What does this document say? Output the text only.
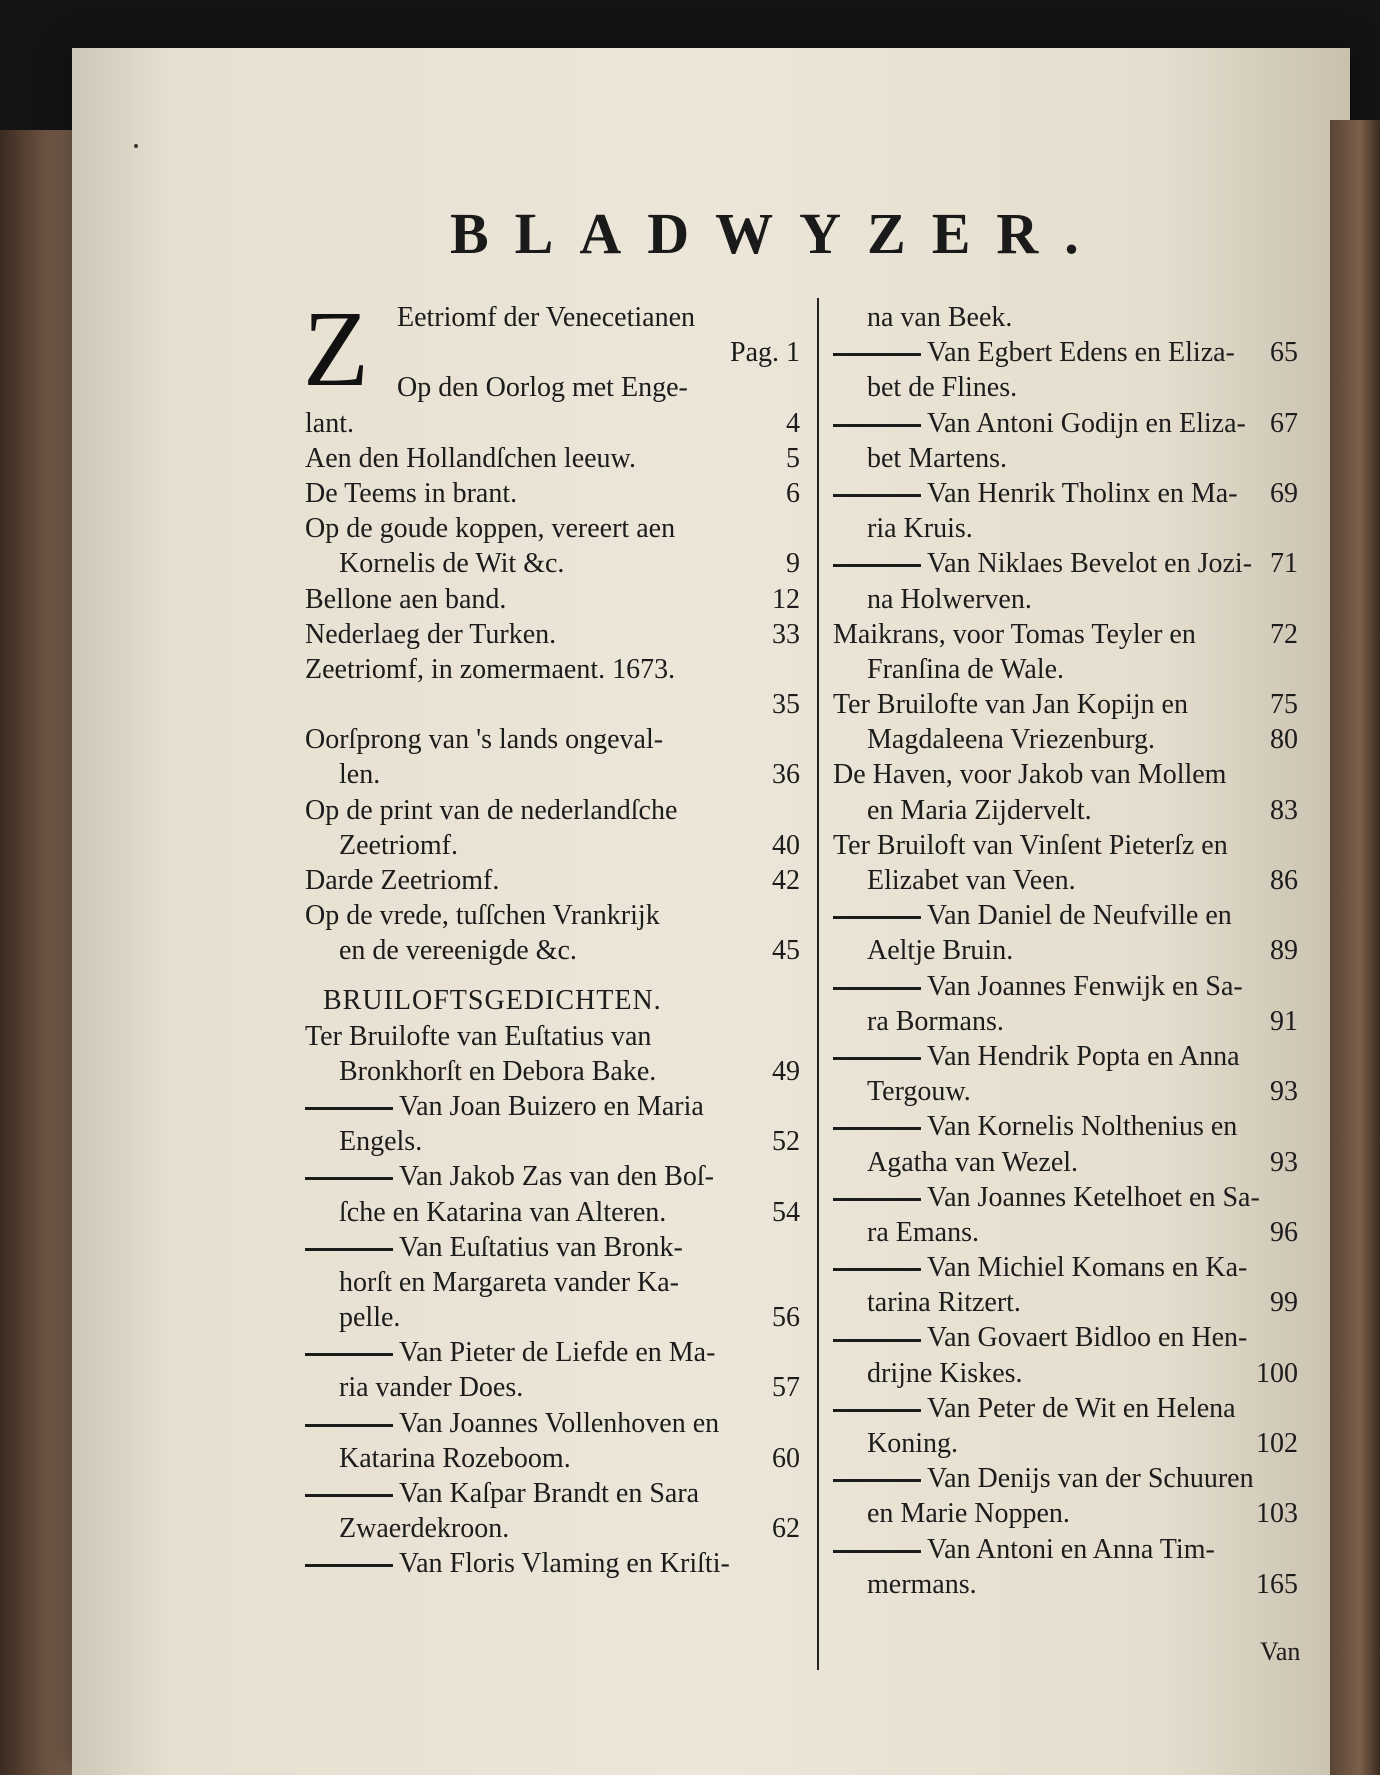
BLADWYZER.
Z Eetriomf der Venecetianen
Pag. 1
Op den Oorlog met Enge-
lant.	4
Aen den Hollandſchen leeuw.	5
De Teems in brant.	6
Op de goude koppen, vereert aen
Kornelis de Wit &c.	9
Bellone aen band.	12
Nederlaeg der Turken.	33
Zeetriomf, in zomermaent. 1673.
35
Oorſprong van 's lands ongeval-
len.	36
Op de print van de nederlandſche
Zeetriomf.	40
Darde Zeetriomf.	42
Op de vrede, tuſſchen Vrankrijk
en de vereenigde &c.	45
BRUILOFTSGEDICHTEN.
Ter Bruilofte van Euſtatius van
Bronkhorſt en Debora Bake.	49
Van Joan Buizero en Maria
Engels.	52
Van Jakob Zas van den Boſ-
ſche en Katarina van Alteren.	54
Van Euſtatius van Bronk-
horſt en Margareta vander Ka-
pelle.	56
Van Pieter de Liefde en Ma-
ria vander Does.	57
Van Joannes Vollenhoven en
Katarina Rozeboom.	60
Van Kaſpar Brandt en Sara
Zwaerdekroon.	62
Van Floris Vlaming en Kriſti-
na van Beek.
Van Egbert Edens en Eliza- 65
bet de Flines.
Van Antoni Godijn en Eliza- 67
bet Martens.
Van Henrik Tholinx en Ma- 69
ria Kruis.
Van Niklaes Bevelot en Jozi- 71
na Holwerven.
Maikrans, voor Tomas Teyler en	72
Franſina de Wale.
Ter Bruilofte van Jan Kopijn en	75
Magdaleena Vriezenburg.	80
De Haven, voor Jakob van Mollem
en Maria Zijdervelt.	83
Ter Bruiloft van Vinſent Pieterſz en
Elizabet van Veen.	86
Van Daniel de Neufville en
Aeltje Bruin.	89
Van Joannes Fenwijk en Sa-
ra Bormans.	91
Van Hendrik Popta en Anna
Tergouw.	93
Van Kornelis Nolthenius en
Agatha van Wezel.	93
Van Joannes Ketelhoet en Sa-
ra Emans.	96
Van Michiel Komans en Ka-
tarina Ritzert.	99
Van Govaert Bidloo en Hen-
drijne Kiskes.	100
Van Peter de Wit en Helena
Koning.	102
Van Denijs van der Schuuren
en Marie Noppen.	103
Van Antoni en Anna Tim-
mermans.	165
Van
